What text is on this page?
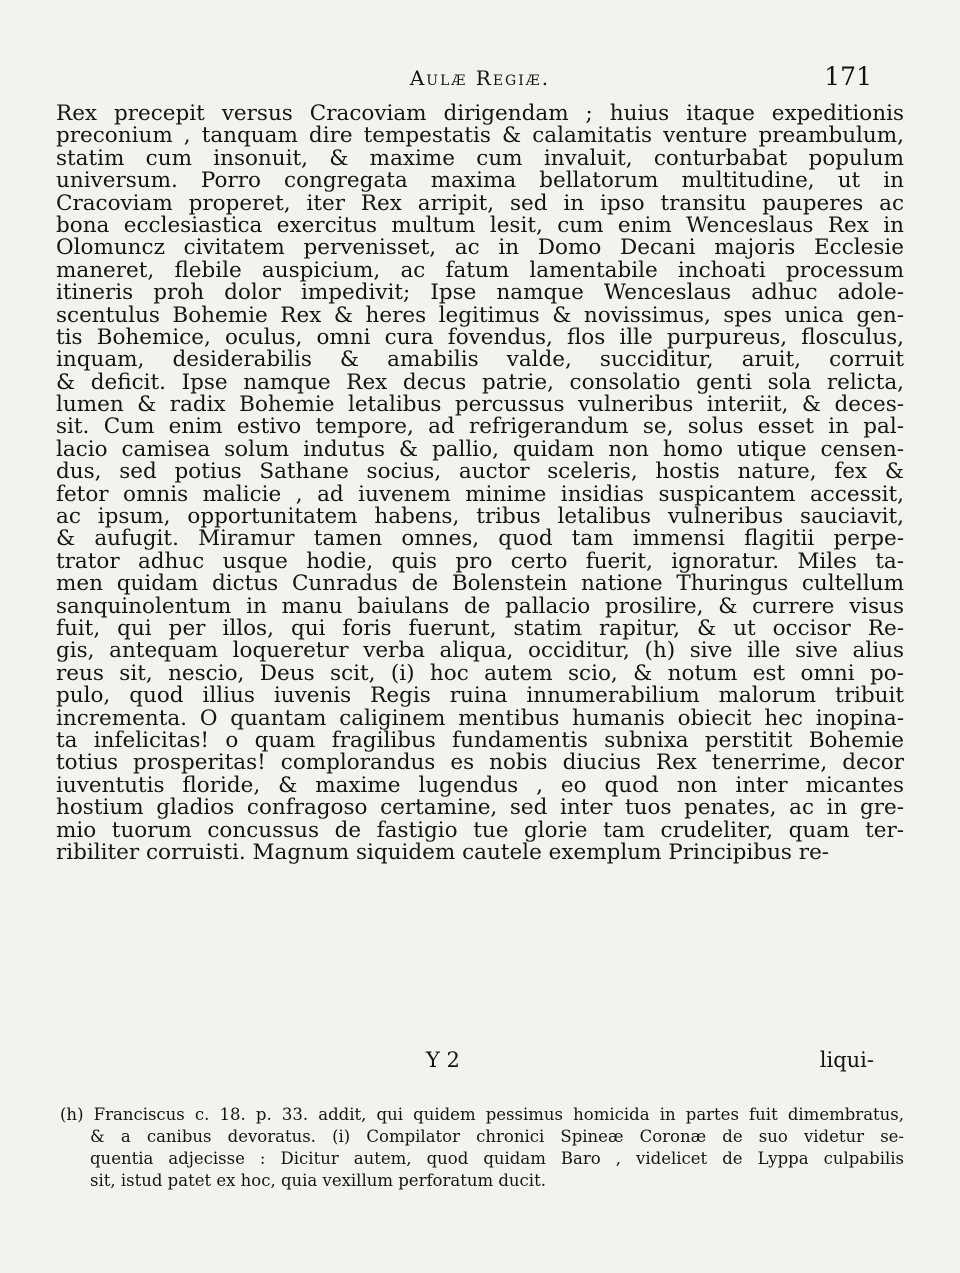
Aulæ Regiæ.	171
Rex precepit versus Cracoviam dirigendam ; huius itaque expeditionis
preconium , tanquam dire tempestatis & calamitatis venture preambulum,
statim cum insonuit, & maxime cum invaluit, conturbabat populum
universum. Porro congregata maxima bellatorum multitudine, ut in
Cracoviam properet, iter Rex arripit, sed in ipso transitu pauperes ac
bona ecclesiastica exercitus multum lesit, cum enim Wenceslaus Rex in
Olomuncz civitatem pervenisset, ac in Domo Decani majoris Ecclesie
maneret, flebile auspicium, ac fatum lamentabile inchoati processum
itineris proh dolor impedivit; Ipse namque Wenceslaus adhuc adole-
scentulus Bohemie Rex & heres legitimus & novissimus, spes unica gen-
tis Bohemice, oculus, omni cura fovendus, flos ille purpureus, flosculus,
inquam, desiderabilis & amabilis valde, succiditur, aruit, corruit
& deficit. Ipse namque Rex decus patrie, consolatio genti sola relicta,
lumen & radix Bohemie letalibus percussus vulneribus interiit, & deces-
sit. Cum enim estivo tempore, ad refrigerandum se, solus esset in pal-
lacio camisea solum indutus & pallio, quidam non homo utique censen-
dus, sed potius Sathane socius, auctor sceleris, hostis nature, fex &
fetor omnis malicie , ad iuvenem minime insidias suspicantem accessit,
ac ipsum, opportunitatem habens, tribus letalibus vulneribus sauciavit,
& aufugit. Miramur tamen omnes, quod tam immensi flagitii perpe-
trator adhuc usque hodie, quis pro certo fuerit, ignoratur. Miles ta-
men quidam dictus Cunradus de Bolenstein natione Thuringus cultellum
sanquinolentum in manu baiulans de pallacio prosilire, & currere visus
fuit, qui per illos, qui foris fuerunt, statim rapitur, & ut occisor Re-
gis, antequam loqueretur verba aliqua, occiditur, (h) sive ille sive alius
reus sit, nescio, Deus scit, (i) hoc autem scio, & notum est omni po-
pulo, quod illius iuvenis Regis ruina innumerabilium malorum tribuit
incrementa. O quantam caliginem mentibus humanis obiecit hec inopina-
ta infelicitas! o quam fragilibus fundamentis subnixa perstitit Bohemie
totius prosperitas! complorandus es nobis diucius Rex tenerrime, decor
iuventutis floride, & maxime lugendus , eo quod non inter micantes
hostium gladios confragoso certamine, sed inter tuos penates, ac in gre-
mio tuorum concussus de fastigio tue glorie tam crudeliter, quam ter-
ribiliter corruisti. Magnum siquidem cautele exemplum Principibus re-
Y 2	liqui-
(h) Franciscus c. 18. p. 33. addit, qui quidem pessimus homicida in partes fuit dimembratus,
& a canibus devoratus. (i) Compilator chronici Spineæ Coronæ de suo videtur se-
quentia adjecisse : Dicitur autem, quod quidam Baro , videlicet de Lyppa culpabilis
sit, istud patet ex hoc, quia vexillum perforatum ducit.
